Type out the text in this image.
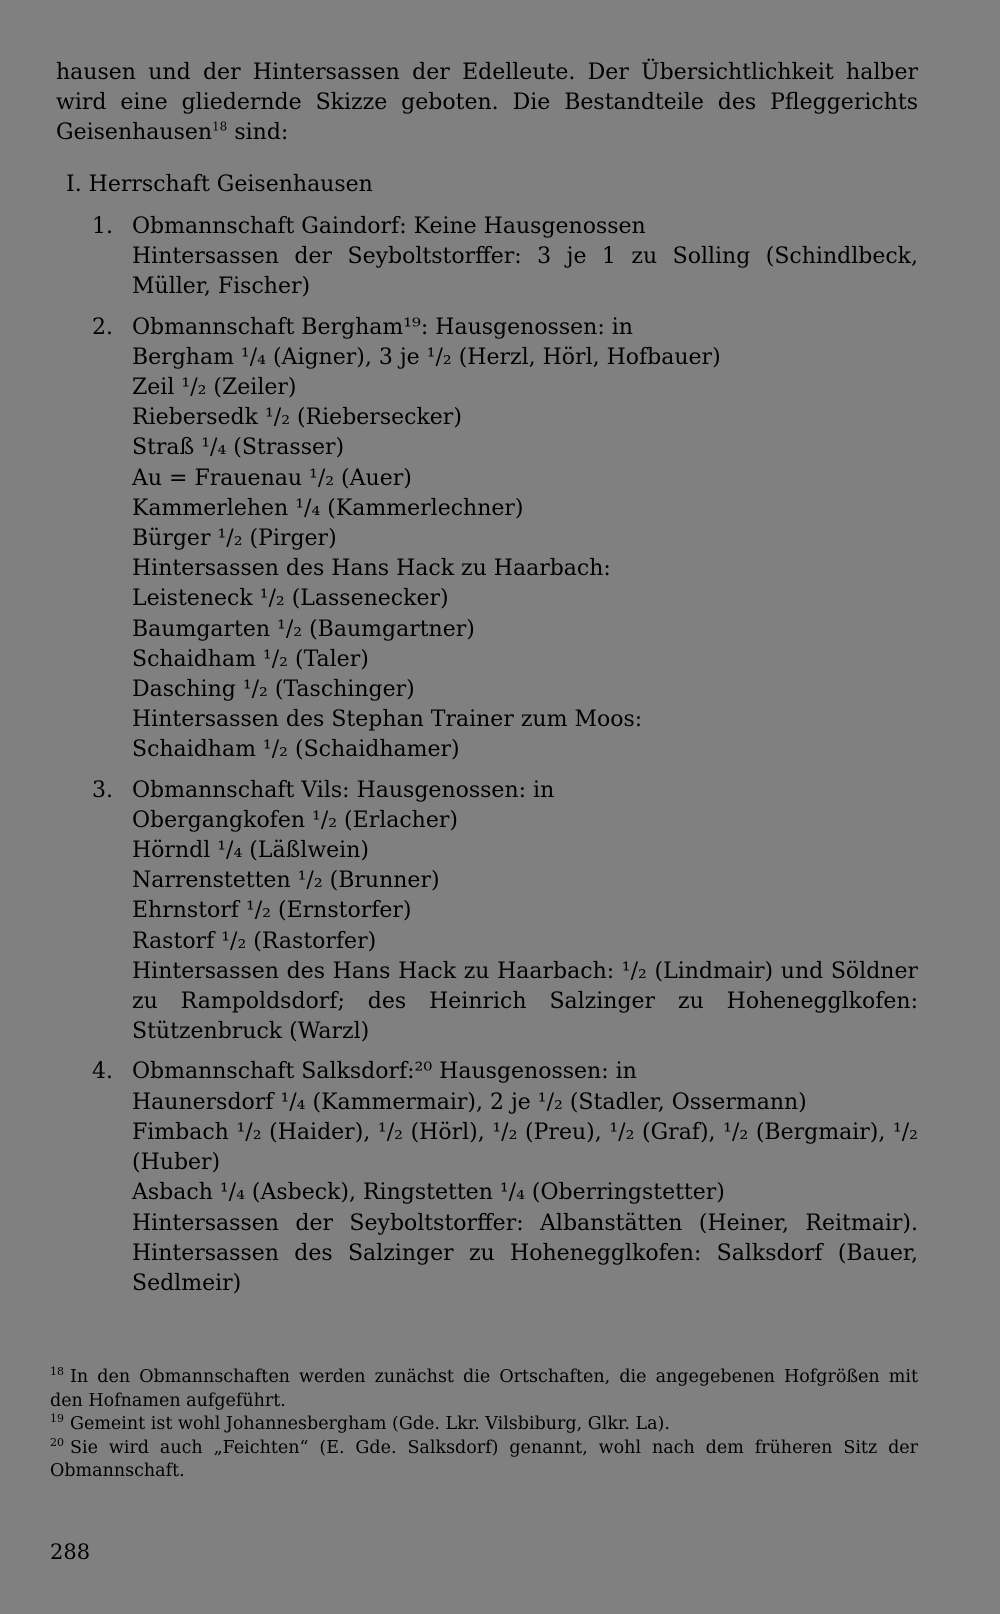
hausen und der Hintersassen der Edelleute. Der Übersichtlichkeit halber wird eine gliedernde Skizze geboten. Die Bestandteile des Pfleggerichts Geisenhausen$^{18}$ sind:

I. Herrschaft Geisenhausen
1. Obmannschaft Gaindorf: Keine Hausgenossen
Hintersassen der Seyboltstorffer: 3 je 1 zu Solling (Schindlbeck, Müller, Fischer)
2. Obmannschaft Bergham¹⁹: Hausgenossen: in
Bergham ¹/₄ (Aigner), 3 je ¹/₂ (Herzl, Hörl, Hofbauer)
Zeil ¹/₂ (Zeiler)
Riebersedk ¹/₂ (Riebersecker)
Straß ¹/₄ (Strasser)
Au = Frauenau ¹/₂ (Auer)
Kammerlehen ¹/₄ (Kammerlechner)
Bürger ¹/₂ (Pirger)
Hintersassen des Hans Hack zu Haarbach:
Leisteneck ¹/₂ (Lassenecker)
Baumgarten ¹/₂ (Baumgartner)
Schaidham ¹/₂ (Taler)
Dasching ¹/₂ (Taschinger)
Hintersassen des Stephan Trainer zum Moos:
Schaidham ¹/₂ (Schaidhamer)
3. Obmannschaft Vils: Hausgenossen: in
Obergangkofen ¹/₂ (Erlacher)
Hörndl ¹/₄ (Läßlwein)
Narrenstetten ¹/₂ (Brunner)
Ehrnstorf ¹/₂ (Ernstorfer)
Rastorf ¹/₂ (Rastorfer)
Hintersassen des Hans Hack zu Haarbach: ¹/₂ (Lindmair) und Söldner zu Rampoldsdorf; des Heinrich Salzinger zu Hohenegglkofen: Stützenbruck (Warzl)
4. Obmannschaft Salksdorf:²⁰ Hausgenossen: in
Haunersdorf ¹/₄ (Kammermair), 2 je ¹/₂ (Stadler, Ossermann)
Fimbach ¹/₂ (Haider), ¹/₂ (Hörl), ¹/₂ (Preu), ¹/₂ (Graf), ¹/₂ (Bergmair), ¹/₂ (Huber)
Asbach ¹/₄ (Asbeck), Ringstetten ¹/₄ (Oberringstetter)
Hintersassen der Seyboltstorffer: Albanstätten (Heiner, Reitmair). Hintersassen des Salzinger zu Hohenegglkofen: Salksdorf (Bauer, Sedlmeir)
$^{18}$ In den Obmannschaften werden zunächst die Ortschaften, die angegebenen Hofgrößen mit den Hofnamen aufgeführt.
$^{19}$ Gemeint ist wohl Johannesbergham (Gde. Lkr. Vilsbiburg, Glkr. La).
$^{20}$ Sie wird auch „Feichten“ (E. Gde. Salksdorf) genannt, wohl nach dem früheren Sitz der Obmannschaft.
288
